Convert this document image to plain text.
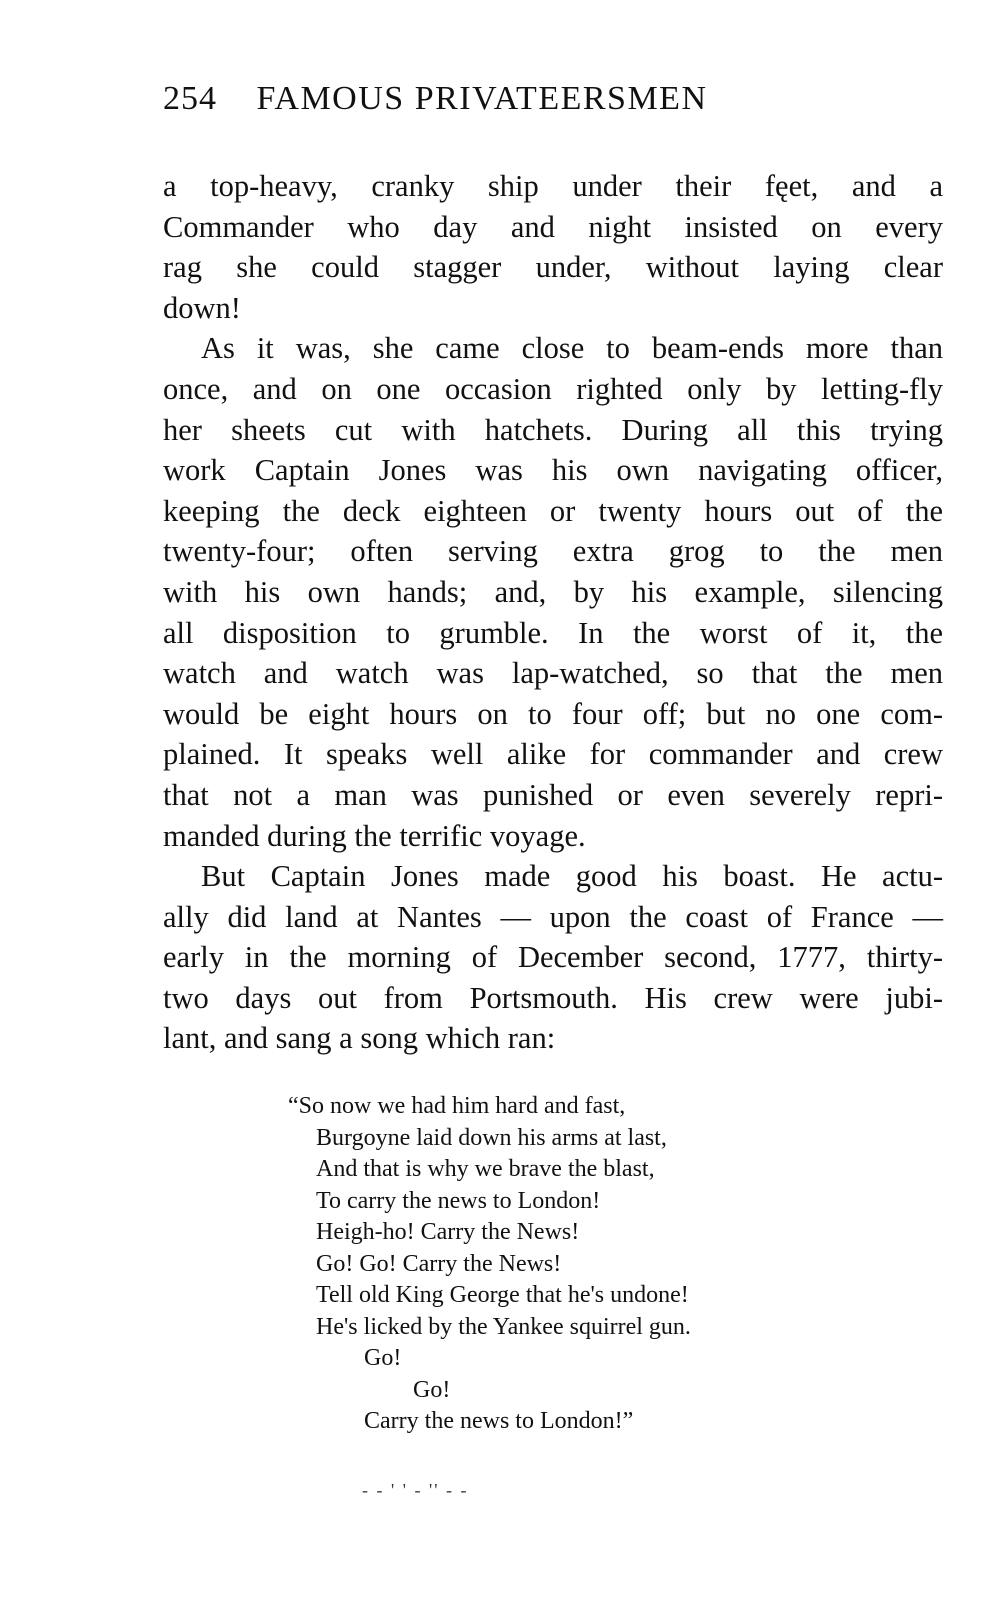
254 FAMOUS PRIVATEERSMEN
a top-heavy, cranky ship under their fęet, and a
Commander who day and night insisted on every
rag she could stagger under, without laying clear
down!
As it was, she came close to beam-ends more than
once, and on one occasion righted only by letting-fly
her sheets cut with hatchets. During all this trying
work Captain Jones was his own navigating officer,
keeping the deck eighteen or twenty hours out of the
twenty-four; often serving extra grog to the men
with his own hands; and, by his example, silencing
all disposition to grumble. In the worst of it, the
watch and watch was lap-watched, so that the men
would be eight hours on to four off; but no one com-
plained. It speaks well alike for commander and crew
that not a man was punished or even severely repri-
manded during the terrific voyage.
But Captain Jones made good his boast. He actu-
ally did land at Nantes — upon the coast of France —
early in the morning of December second, 1777, thirty-
two days out from Portsmouth. His crew were jubi-
lant, and sang a song which ran:
“So now we had him hard and fast,
Burgoyne laid down his arms at last,
And that is why we brave the blast,
To carry the news to London!
Heigh-ho! Carry the News!
Go! Go! Carry the News!
Tell old King George that he's undone!
He's licked by the Yankee squirrel gun.
Go!
Go!
Carry the news to London!”
- - ' ' - '' - -
